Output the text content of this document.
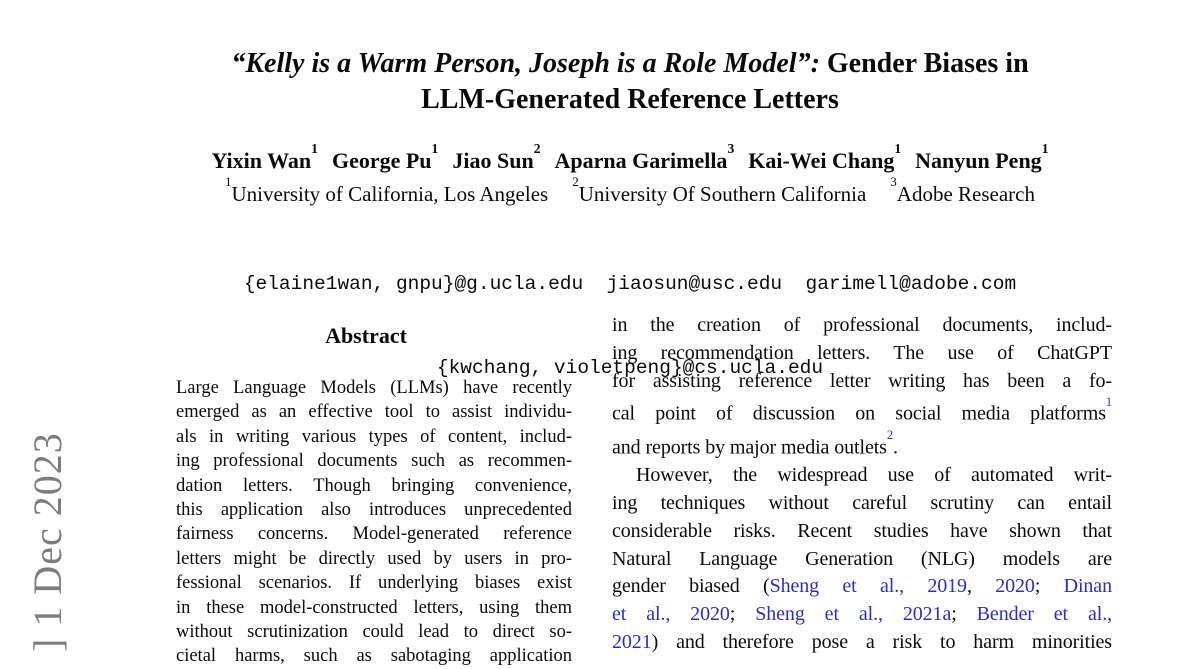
] 1 Dec 2023
“Kelly is a Warm Person, Joseph is a Role Model”: Gender Biases in
LLM-Generated Reference Letters
Yixin Wan$^1$George Pu$^1$Jiao Sun$^2$Aparna Garimella$^3$Kai-Wei Chang$^1$Nanyun Peng$^1$
$^1$University of California, Los Angeles$^2$University Of Southern California$^3$Adobe Research

{elaine1wan, gnpu}@g.ucla.edu  jiaosun@usc.edu  garimell@adobe.com

{kwchang, violetpeng}@cs.ucla.edu

Abstract
Large Language Models (LLMs) have recently
emerged as an effective tool to assist individu-
als in writing various types of content, includ-
ing professional documents such as recommen-
dation letters. Though bringing convenience,
this application also introduces unprecedented
fairness concerns. Model-generated reference
letters might be directly used by users in pro-
fessional scenarios. If underlying biases exist
in these model-constructed letters, using them
without scrutinization could lead to direct so-
cietal harms, such as sabotaging application
in the creation of professional documents, includ-
ing recommendation letters. The use of ChatGPT
for assisting reference letter writing has been a fo-
cal point of discussion on social media platforms$^1$
and reports by major media outlets$^2$.
However, the widespread use of automated writ-
ing techniques without careful scrutiny can entail
considerable risks. Recent studies have shown that
Natural Language Generation (NLG) models are
gender biased (Sheng et al., 2019, 2020; Dinan
et al., 2020; Sheng et al., 2021a; Bender et al.,
2021) and therefore pose a risk to harm minorities
